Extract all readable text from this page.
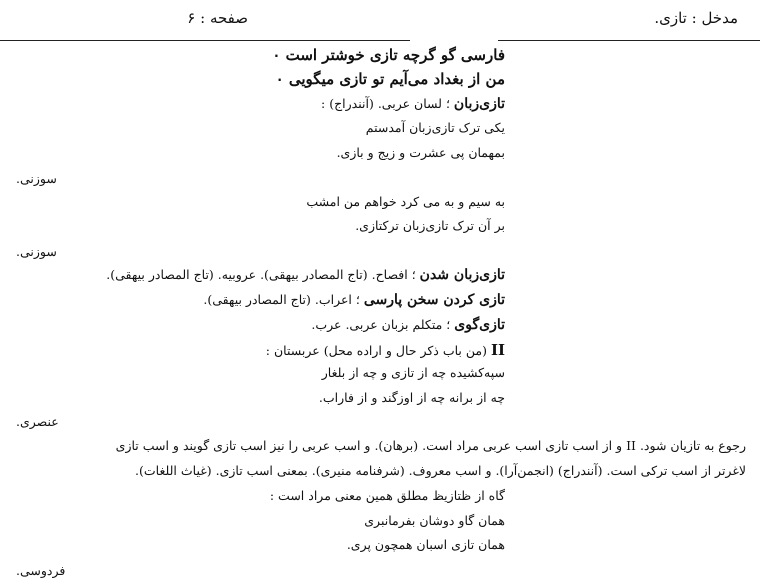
صفحه : ۶	مدخل : تازی.
فارسی گو گرچه تازی خوشتر است ۰
من از بغداد می‌آیم تو تازی میگویی ۰
تازی‌زبان ؛ لسان عربی. (آنندراج) :
یکی ترک تازی‌زبان آمدستم
بمهمان پی عشرت و زیج و بازی.
سوزنی.
به سیم و به می کرد خواهم من امشب
بر آن ترک تازی‌زبان ترکتازی.
سوزنی.
تازی‌زبان شدن ؛ افصاح. (تاج المصادر بیهقی). عروبیه. (تاج المصادر بیهقی).
تازی کردن سخن پارسی ؛ اعراب. (تاج المصادر بیهقی).
تازی‌گوی ؛ متکلم بزبان عربی. عرب.
II (من باب ذکر حال و اراده محل) عربستان :
سپه‌کشیده چه از تازی و چه از بلغار
چه از برانه چه از اوزگند و از فاراب.
عنصری.
رجوع به تازیان شود. II و از اسب تازی اسب عربی مراد است. (برهان). و اسب عربی را نیز اسب تازی گویند و اسب تازی
لاغرتر از اسب ترکی است. (آنندراج) (انجمن‌آرا). و اسب معروف. (شرفنامه منیری). بمعنی اسب تازی. (غیاث اللغات).
گاه از ظتازیظ مطلق همین معنی مراد است :
همان گاو دوشان بفرمانبری
همان تازی اسبان همچون پری.
فردوسی.
